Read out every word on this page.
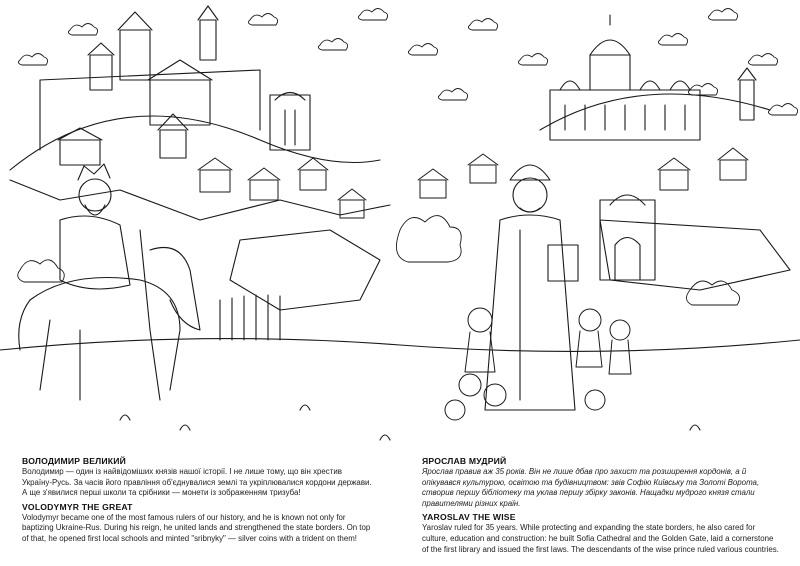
ВОЛОДИМИР ВЕЛИКИЙ
Володимир — один із найвідоміших князів нашої історії. І не лише тому, що він хрестив Україну-Русь. За часів його правління об'єднувалися землі та укріплювалися кордони держави. А ще з'явилися перші школи та срібники — монети із зображенням тризуба!
VOLODYMYR THE GREAT
Volodymyr became one of the most famous rulers of our history, and he is known not only for baptizing Ukraine-Rus. During his reign, he united lands and strengthened the state borders. On top of that, he opened first local schools and minted "sribnyky" — silver coins with a trident on them!
ЯРОСЛАВ МУДРИЙ
Ярослав правив аж 35 років. Він не лише дбав про захист та розширення кордонів, а й опікувався культурою, освітою та будівництвом: звів Софію Київську та Золоті Ворота, створив першу бібліотеку та уклав першу збірку законів. Нащадки мудрого князя стали правителями різних країн.
YAROSLAV THE WISE
Yaroslav ruled for 35 years. While protecting and expanding the state borders, he also cared for culture, education and construction: he built Sofia Cathedral and the Golden Gate, laid a cornerstone of the first library and issued the first laws. The descendants of the wise prince ruled various countries.
